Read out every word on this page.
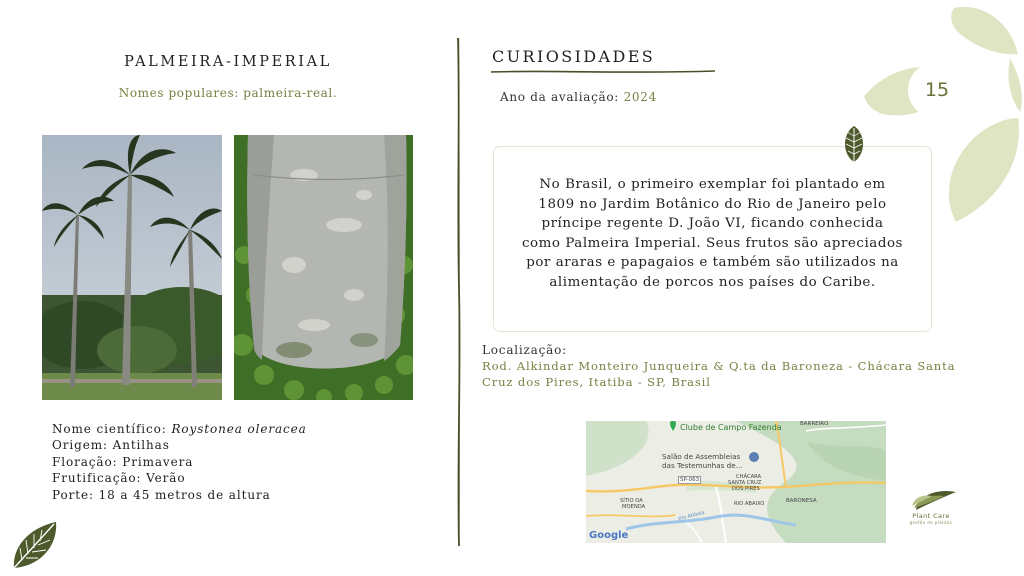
15
PALMEIRA-IMPERIAL
Nomes populares: palmeira-real.
Nome científico: Roystonea oleracea
Origem: Antilhas
Floração: Primavera
Frutificação: Verão
Porte: 18 a 45 metros de altura
CURIOSIDADES
Ano da avaliação: 2024
No Brasil, o primeiro exemplar foi plantado em 1809 no Jardim Botânico do Rio de Janeiro pelo príncipe regente D. João VI, ficando conhecida como Palmeira Imperial. Seus frutos são apreciados por araras e papagaios e também são utilizados na alimentação de porcos nos países do Caribe.
Localização:
Rod. Alkindar Monteiro Junqueira & Q.ta da Baroneza - Chácara Santa Cruz dos Pires, Itatiba - SP, Brasil
Clube de Campo Fazenda	BARREIRO
Salão de Assembleias
das Testemunhas de...
SP-063	CHÁCARA
SANTA CRUZ
DOS PIRES
BARONESA
SÍTIO DA
MOENDA	RIO ABAIXO
Rio Atibaia
Google
Plant Care
gestão de plantas
